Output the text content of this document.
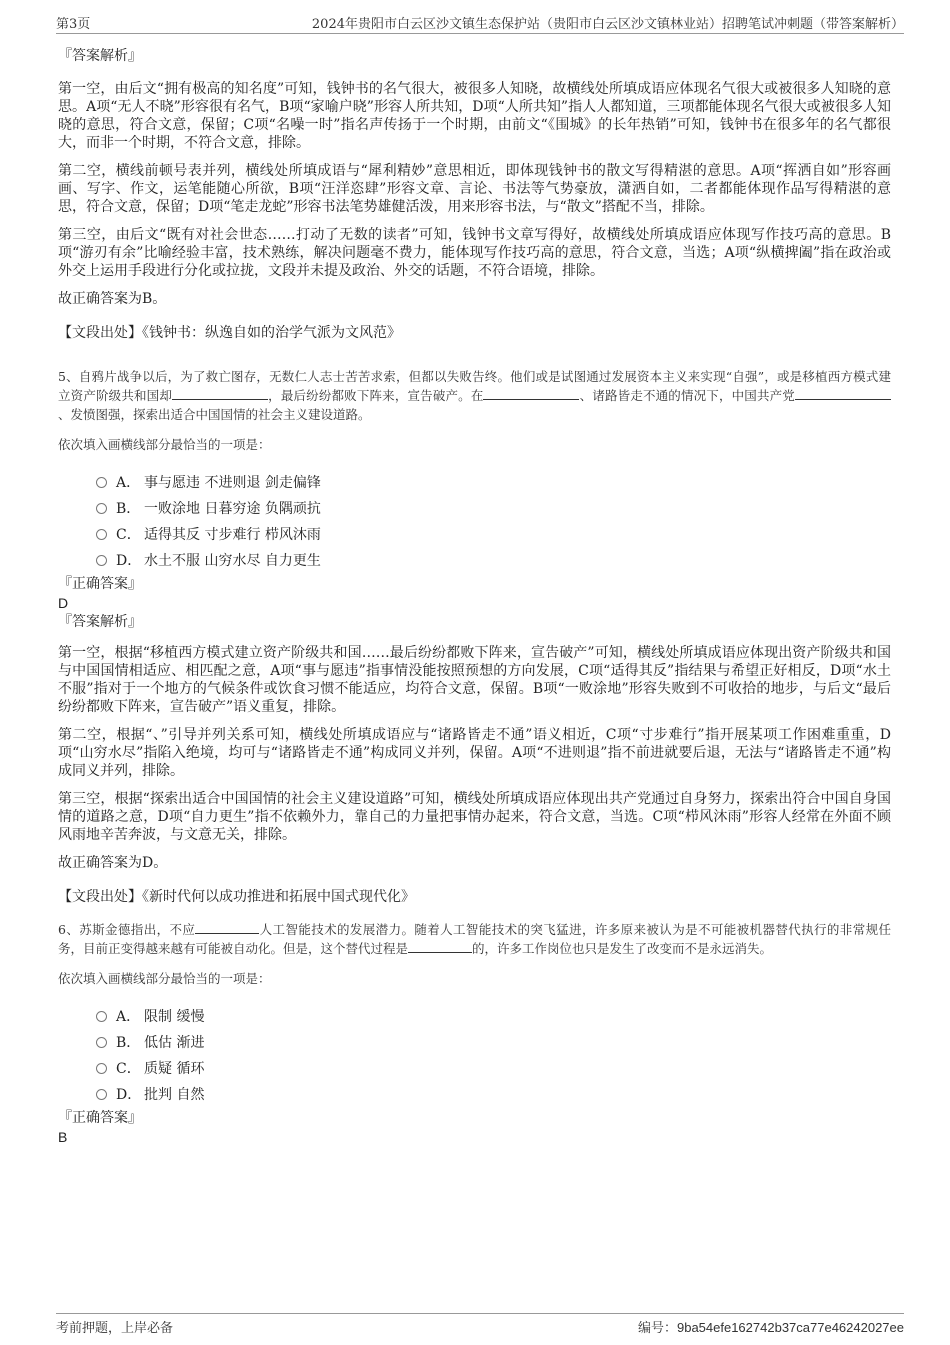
第3页	2024年贵阳市白云区沙文镇生态保护站（贵阳市白云区沙文镇林业站）招聘笔试冲刺题（带答案解析）
『答案解析』

第一空，由后文“拥有极高的知名度”可知，钱钟书的名气很大，被很多人知晓，故横线处所填成语应体现名气很大或被很多人知晓的意思。A项“无人不晓”形容很有名气，B项“家喻户晓”形容人所共知，D项“人所共知”指人人都知道，三项都能体现名气很大或被很多人知晓的意思，符合文意，保留；C项“名噪一时”指名声传扬于一个时期，由前文“《围城》的长年热销”可知，钱钟书在很多年的名气都很大，而非一个时期，不符合文意，排除。

第二空，横线前顿号表并列，横线处所填成语与“犀利精妙”意思相近，即体现钱钟书的散文写得精湛的意思。A项“挥洒自如”形容画画、写字、作文，运笔能随心所欲，B项“汪洋恣肆”形容文章、言论、书法等气势豪放，潇洒自如，二者都能体现作品写得精湛的意思，符合文意，保留；D项“笔走龙蛇”形容书法笔势雄健活泼，用来形容书法，与“散文”搭配不当，排除。

第三空，由后文“既有对社会世态……打动了无数的读者”可知，钱钟书文章写得好，故横线处所填成语应体现写作技巧高的意思。B项“游刃有余”比喻经验丰富，技术熟练，解决问题毫不费力，能体现写作技巧高的意思，符合文意，当选；A项“纵横捭阖”指在政治或外交上运用手段进行分化或拉拢，文段并未提及政治、外交的话题，不符合语境，排除。

故正确答案为B。

【文段出处】《钱钟书：纵逸自如的治学气派为文风范》

5、自鸦片战争以后，为了救亡图存，无数仁人志士苦苦求索，但都以失败告终。他们或是试图通过发展资本主义来实现“自强”，或是移植西方模式建立资产阶级共和国却	，最后纷纷都败下阵来，宣告破产。在	、诸路皆走不通的情况下，中国共产党、发愤图强，探索出适合中国国情的社会主义建设道路。

依次填入画横线部分最恰当的一项是：

A． 事与愿违 不进则退 剑走偏锋
B． 一败涂地 日暮穷途 负隅顽抗
C． 适得其反 寸步难行 栉风沐雨
D． 水土不服 山穷水尽 自力更生
『正确答案』

D

『答案解析』

第一空，根据“移植西方模式建立资产阶级共和国……最后纷纷都败下阵来，宣告破产”可知，横线处所填成语应体现出资产阶级共和国与中国国情相适应、相匹配之意，A项“事与愿违”指事情没能按照预想的方向发展，C项“适得其反”指结果与希望正好相反，D项“水土不服”指对于一个地方的气候条件或饮食习惯不能适应，均符合文意，保留。B项“一败涂地”形容失败到不可收拾的地步，与后文“最后纷纷都败下阵来，宣告破产”语义重复，排除。

第二空，根据“、”引导并列关系可知，横线处所填成语应与“诸路皆走不通”语义相近，C项“寸步难行”指开展某项工作困难重重，D项“山穷水尽”指陷入绝境，均可与“诸路皆走不通”构成同义并列，保留。A项“不进则退”指不前进就要后退，无法与“诸路皆走不通”构成同义并列，排除。

第三空，根据“探索出适合中国国情的社会主义建设道路”可知，横线处所填成语应体现出共产党通过自身努力，探索出符合中国自身国情的道路之意，D项“自力更生”指不依赖外力，靠自己的力量把事情办起来，符合文意，当选。C项“栉风沐雨”形容人经常在外面不顾风雨地辛苦奔波，与文意无关，排除。

故正确答案为D。

【文段出处】《新时代何以成功推进和拓展中国式现代化》

6、苏斯金德指出，不应	人工智能技术的发展潜力。随着人工智能技术的突飞猛进，许多原来被认为是不可能被机器替代执行的非常规任务，目前正变得越来越有可能被自动化。但是，这个替代过程是	的，许多工作岗位也只是发生了改变而不是永远消失。

依次填入画横线部分最恰当的一项是：

A． 限制 缓慢
B． 低估 渐进
C． 质疑 循环
D． 批判 自然
『正确答案』

B

考前押题，上岸必备	编号：9ba54efe162742b37ca77e46242027ee
